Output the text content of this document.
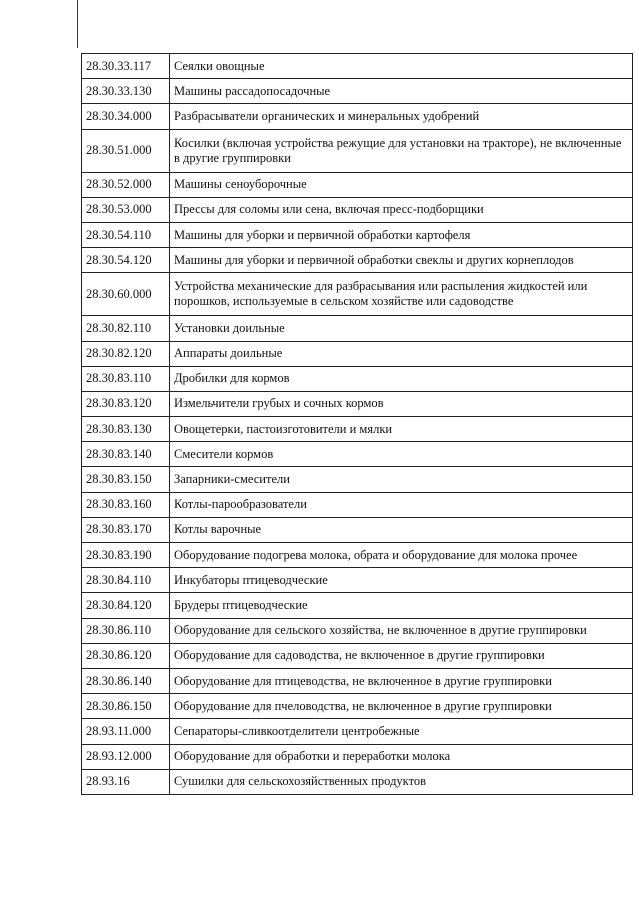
28.30.33.117	Сеялки овощные
28.30.33.130	Машины рассадопосадочные
28.30.34.000	Разбрасыватели органических и минеральных удобрений
28.30.51.000	Косилки (включая устройства режущие для установки на тракторе), не включенные в другие группировки
28.30.52.000	Машины сеноуборочные
28.30.53.000	Прессы для соломы или сена, включая пресс-подборщики
28.30.54.110	Машины для уборки и первичной обработки картофеля
28.30.54.120	Машины для уборки и первичной обработки свеклы и других корнеплодов
28.30.60.000	Устройства механические для разбрасывания или распыления жидкостей или порошков, используемые в сельском хозяйстве или садоводстве
28.30.82.110	Установки доильные
28.30.82.120	Аппараты доильные
28.30.83.110	Дробилки для кормов
28.30.83.120	Измельчители грубых и сочных кормов
28.30.83.130	Овощетерки, пастоизготовители и мялки
28.30.83.140	Смесители кормов
28.30.83.150	Запарники-смесители
28.30.83.160	Котлы-парообразователи
28.30.83.170	Котлы варочные
28.30.83.190	Оборудование подогрева молока, обрата и оборудование для молока прочее
28.30.84.110	Инкубаторы птицеводческие
28.30.84.120	Брудеры птицеводческие
28.30.86.110	Оборудование для сельского хозяйства, не включенное в другие группировки
28.30.86.120	Оборудование для садоводства, не включенное в другие группировки
28.30.86.140	Оборудование для птицеводства, не включенное в другие группировки
28.30.86.150	Оборудование для пчеловодства, не включенное в другие группировки
28.93.11.000	Сепараторы-сливкоотделители центробежные
28.93.12.000	Оборудование для обработки и переработки молока
28.93.16	Сушилки для сельскохозяйственных продуктов
